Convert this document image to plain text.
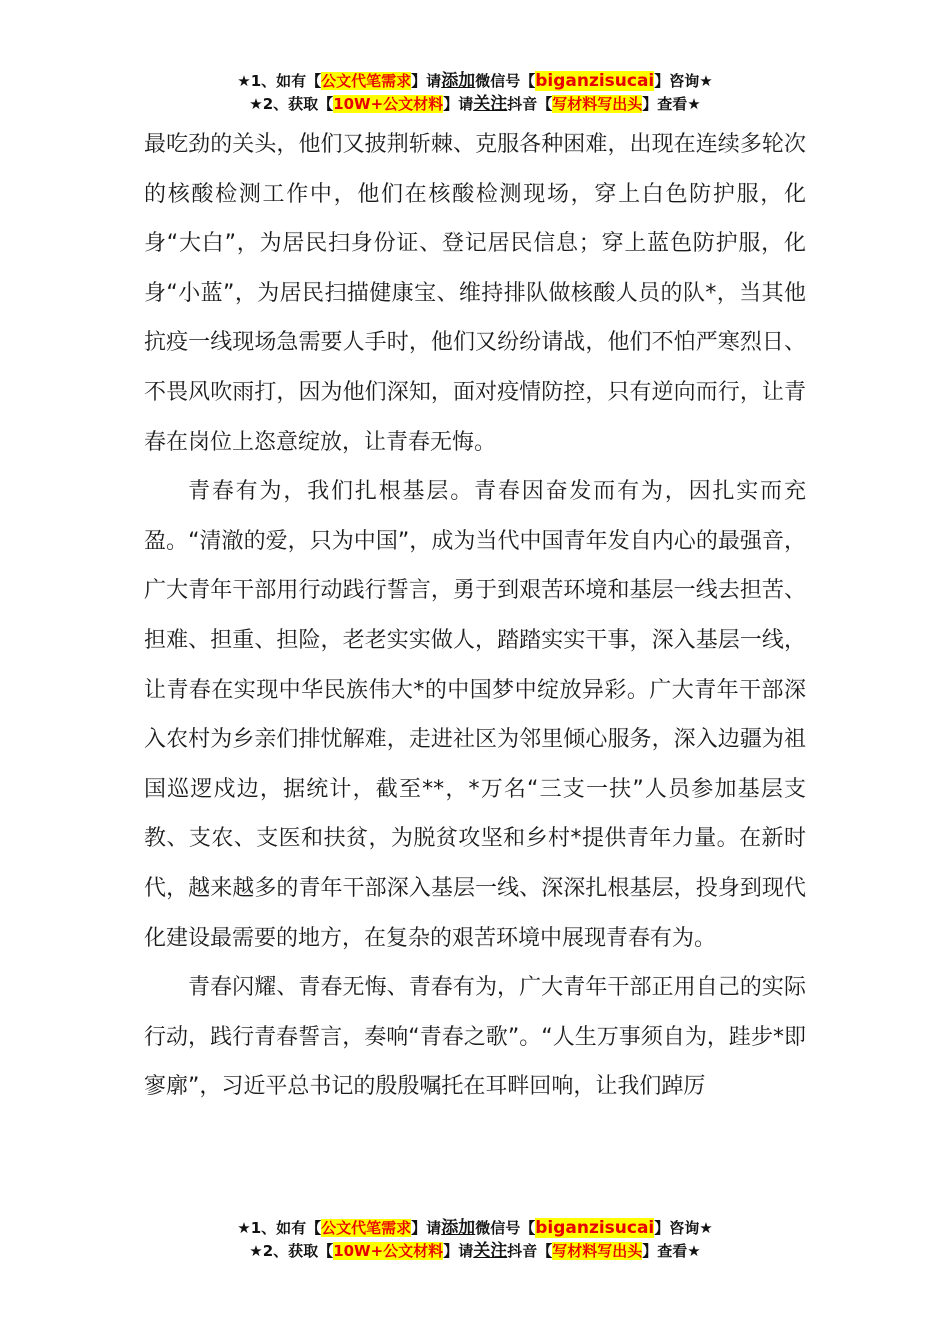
★1、如有【公文代笔需求】请添加微信号【biganzisucai】咨询★
★2、获取【10W+公文材料】请关注抖音【写材料写出头】查看★

最吃劲的关头，他们又披荆斩棘、克服各种困难，出现在连续多轮次的核酸检测工作中，他们在核酸检测现场，穿上白色防护服，化身“大白”，为居民扫身份证、登记居民信息；穿上蓝色防护服，化身“小蓝”，为居民扫描健康宝、维持排队做核酸人员的队*，当其他抗疫一线现场急需要人手时，他们又纷纷请战，他们不怕严寒烈日、不畏风吹雨打，因为他们深知，面对疫情防控，只有逆向而行，让青春在岗位上恣意绽放，让青春无悔。

青春有为，我们扎根基层。青春因奋发而有为，因扎实而充盈。“清澈的爱，只为中国”，成为当代中国青年发自内心的最强音，广大青年干部用行动践行誓言，勇于到艰苦环境和基层一线去担苦、担难、担重、担险，老老实实做人，踏踏实实干事，深入基层一线，让青春在实现中华民族伟大*的中国梦中绽放异彩。广大青年干部深入农村为乡亲们排忧解难，走进社区为邻里倾心服务，深入边疆为祖国巡逻戍边，据统计，截至**，*万名“三支一扶”人员参加基层支教、支农、支医和扶贫，为脱贫攻坚和乡村*提供青年力量。在新时代，越来越多的青年干部深入基层一线、深深扎根基层，投身到现代化建设最需要的地方，在复杂的艰苦环境中展现青春有为。

青春闪耀、青春无悔、青春有为，广大青年干部正用自己的实际行动，践行青春誓言，奏响“青春之歌”。“人生万事须自为，跬步*即寥廓”，习近平总书记的殷殷嘱托在耳畔回响，让我们踔厉

★1、如有【公文代笔需求】请添加微信号【biganzisucai】咨询★
★2、获取【10W+公文材料】请关注抖音【写材料写出头】查看★
